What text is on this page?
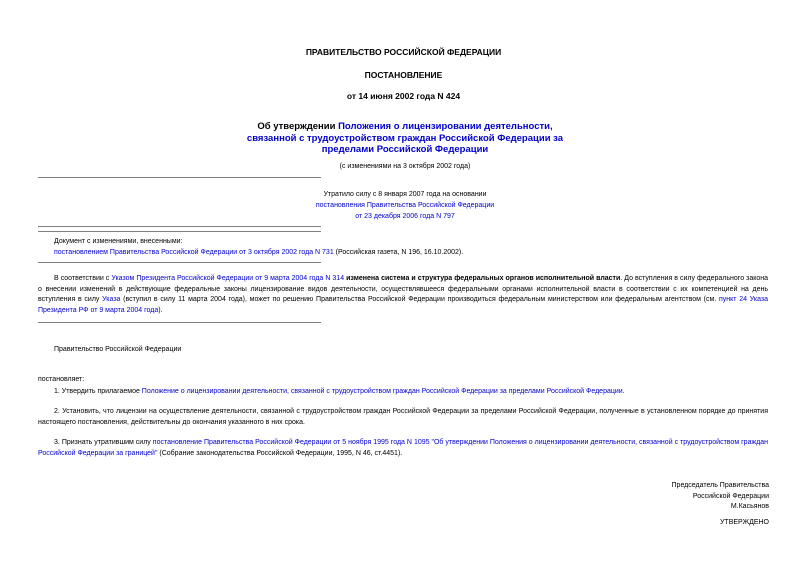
ПРАВИТЕЛЬСТВО РОССИЙСКОЙ ФЕДЕРАЦИИ
ПОСТАНОВЛЕНИЕ
от 14 июня 2002 года N 424
Об утверждении Положения о лицензировании деятельности,
связанной с трудоустройством граждан Российской Федерации за
пределами Российской Федерации
(с изменениями на 3 октября 2002 года)
Утратило силу с 8 января 2007 года на основании
постановления Правительства Российской Федерации
от 23 декабря 2006 года N 797
Документ с изменениями, внесенными:
постановлением Правительства Российской Федерации от 3 октября 2002 года N 731 (Российская газета, N 196, 16.10.2002).
В соответствии с Указом Президента Российской Федерации от 9 марта 2004 года N 314 изменена система и структура федеральных органов исполнительной власти. До вступления в силу федерального закона о внесении изменений в действующие федеральные законы лицензирование видов деятельности, осуществлявшееся федеральными органами исполнительной власти в соответствии с их компетенцией на день вступления в силу Указа (вступил в силу 11 марта 2004 года), может по решению Правительства Российской Федерации производиться федеральным министерством или федеральным агентством (см. пункт 24 Указа Президента РФ от 9 марта 2004 года).
Правительство Российской Федерации
постановляет:
1. Утвердить прилагаемое Положение о лицензировании деятельности, связанной с трудоустройством граждан Российской Федерации за пределами Российской Федерации.
2. Установить, что лицензии на осуществление деятельности, связанной с трудоустройством граждан Российской Федерации за пределами Российской Федерации, полученные в установленном порядке до принятия настоящего постановления, действительны до окончания указанного в них срока.
3. Признать утратившим силу постановление Правительства Российской Федерации от 5 ноября 1995 года N 1095 "Об утверждении Положения о лицензировании деятельности, связанной с трудоустройством граждан Российской Федерации за границей" (Собрание законодательства Российской Федерации, 1995, N 46, ст.4451).
Председатель Правительства
Российской Федерации
М.Касьянов
УТВЕРЖДЕНО
